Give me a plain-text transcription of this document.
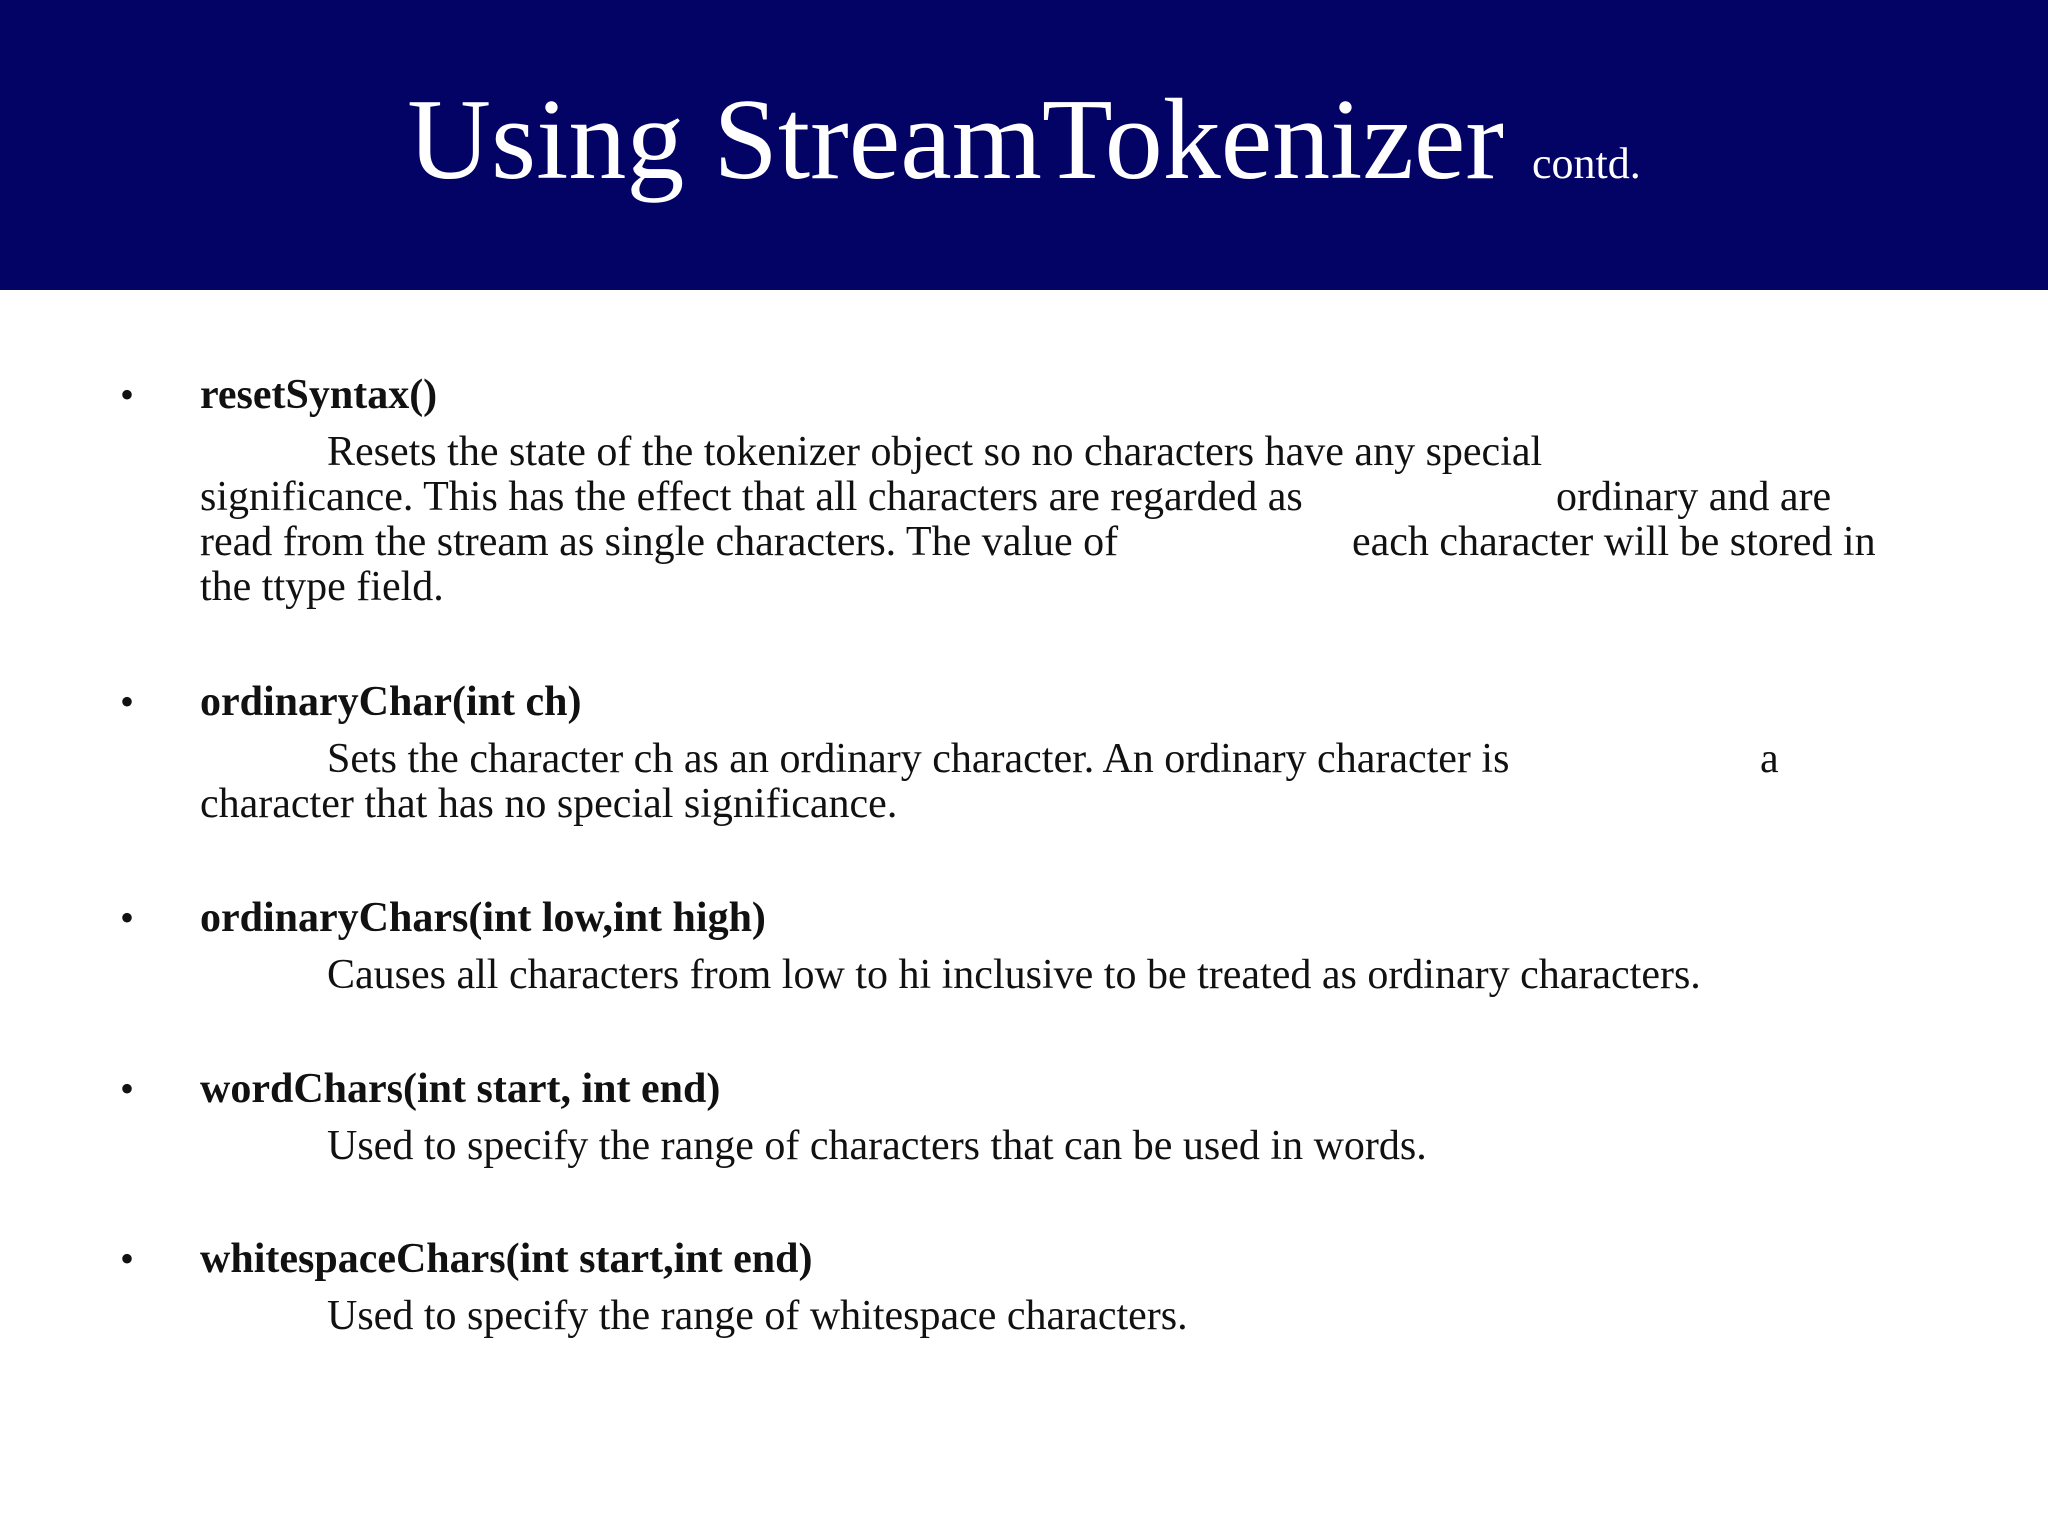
Using StreamTokenizer contd.
• resetSyntax()
Resets the state of the tokenizer object so no characters have any special
significance. This has the effect that all characters are regarded as	ordinary and are
read from the stream as single characters. The value of	each character will be stored in
the ttype field.
• ordinaryChar(int ch)
Sets the character ch as an ordinary character. An ordinary character is	a
character that has no special significance.
• ordinaryChars(int low,int high)
Causes all characters from low to hi inclusive to be treated as ordinary characters.
• wordChars(int start, int end)
Used to specify the range of characters that can be used in words.
• whitespaceChars(int start,int end)
Used to specify the range of whitespace characters.
